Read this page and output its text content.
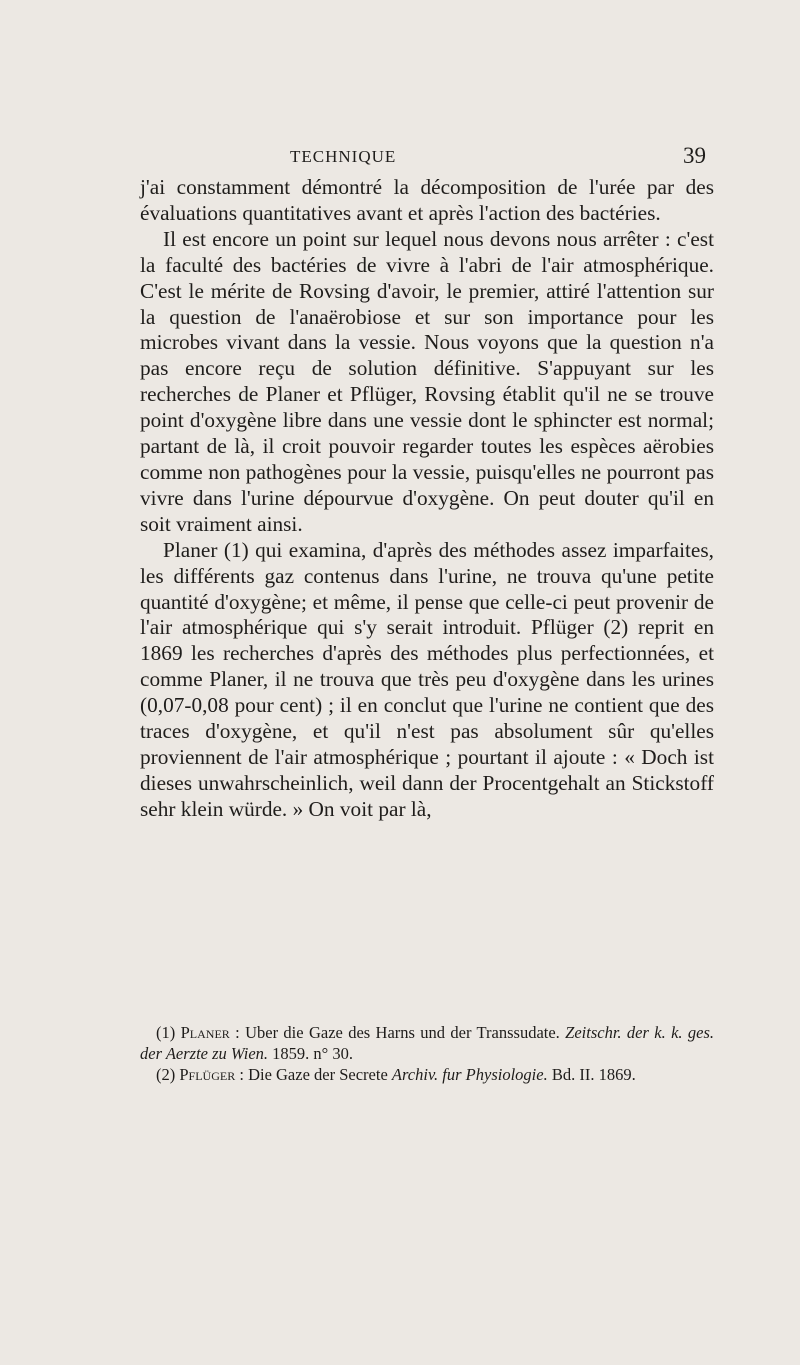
TECHNIQUE	39

j'ai constamment démontré la décomposition de l'urée par des évaluations quantitatives avant et après l'action des bactéries.

Il est encore un point sur lequel nous devons nous arrêter : c'est la faculté des bactéries de vivre à l'abri de l'air atmosphérique. C'est le mérite de Rovsing d'avoir, le premier, attiré l'attention sur la question de l'anaërobiose et sur son importance pour les microbes vivant dans la vessie. Nous voyons que la question n'a pas encore reçu de solution définitive. S'appuyant sur les recherches de Planer et Pflüger, Rovsing établit qu'il ne se trouve point d'oxygène libre dans une vessie dont le sphincter est normal; partant de là, il croit pouvoir regarder toutes les espèces aërobies comme non pathogènes pour la vessie, puisqu'elles ne pourront pas vivre dans l'urine dépourvue d'oxygène. On peut douter qu'il en soit vraiment ainsi.

Planer (1) qui examina, d'après des méthodes assez imparfaites, les différents gaz contenus dans l'urine, ne trouva qu'une petite quantité d'oxygène; et même, il pense que celle-ci peut provenir de l'air atmosphérique qui s'y serait introduit. Pflüger (2) reprit en 1869 les recherches d'après des méthodes plus perfectionnées, et comme Planer, il ne trouva que très peu d'oxygène dans les urines (0,07-0,08 pour cent) ; il en conclut que l'urine ne contient que des traces d'oxygène, et qu'il n'est pas absolument sûr qu'elles proviennent de l'air atmosphérique ; pourtant il ajoute : « Doch ist dieses unwahrscheinlich, weil dann der Procentgehalt an Stickstoff sehr klein würde. » On voit par là,

(1) Planer : Uber die Gaze des Harns und der Transsudate. Zeitschr. der k. k. ges. der Aerzte zu Wien. 1859. n° 30.

(2) Pflüger : Die Gaze der Secrete Archiv. fur Physiologie. Bd. II. 1869.
